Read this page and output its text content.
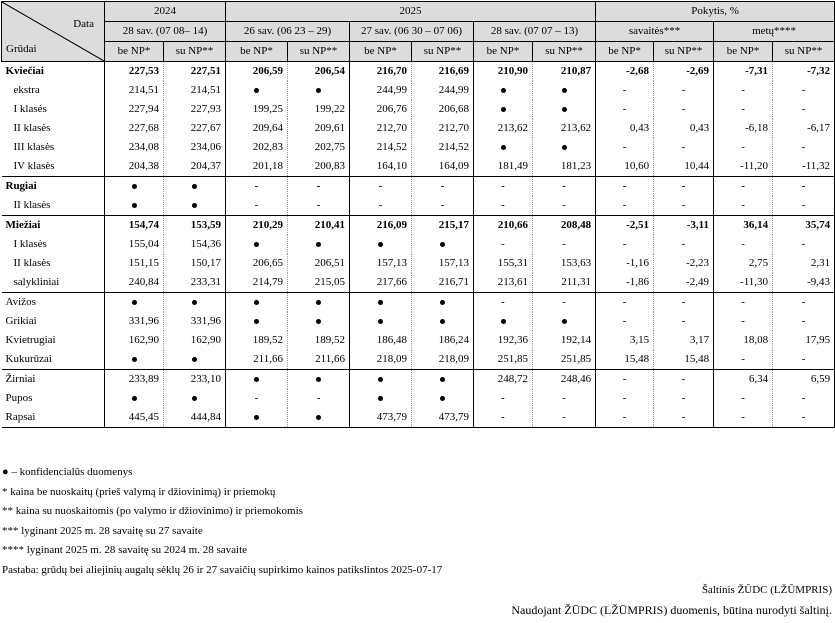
Data
Grūdai	2024		2025						Pokytis, %			
	28 sav. (07 08– 14)		26 sav. (06 23 – 29)		27 sav. (06 30 – 07 06)		28 sav. (07 07 – 13)		savaitės***		metų****	
	be NP*	su NP**	be NP*	su NP**	be NP*	su NP**	be NP*	su NP**	be NP*	su NP**	be NP*	su NP**
Kviečiai	227,53	227,51	206,59	206,54	216,70	216,69	210,90	210,87	-2,68	-2,69	-7,31	-7,32
ekstra	214,51	214,51			244,99	244,99			-	-	-	-
I klasės	227,94	227,93	199,25	199,22	206,76	206,68			-	-	-	-
II klasės	227,68	227,67	209,64	209,61	212,70	212,70	213,62	213,62	0,43	0,43	-6,18	-6,17
III klasės	234,08	234,06	202,83	202,75	214,52	214,52			-	-	-	-
IV klasės	204,38	204,37	201,18	200,83	164,10	164,09	181,49	181,23	10,60	10,44	-11,20	-11,32
Rugiai			-	-	-	-	-	-	-	-	-	-
II klasės			-	-	-	-	-	-	-	-	-	-
Miežiai	154,74	153,59	210,29	210,41	216,09	215,17	210,66	208,48	-2,51	-3,11	36,14	35,74
I klasės	155,04	154,36					-	-	-	-	-	-
II klasės	151,15	150,17	206,65	206,51	157,13	157,13	155,31	153,63	-1,16	-2,23	2,75	2,31
salykliniai	240,84	233,31	214,79	215,05	217,66	216,71	213,61	211,31	-1,86	-2,49	-11,30	-9,43
Avižos							-	-	-	-	-	-
Grikiai	331,96	331,96							-	-	-	-
Kvietrugiai	162,90	162,90	189,52	189,52	186,48	186,24	192,36	192,14	3,15	3,17	18,08	17,95
Kukurūzai			211,66	211,66	218,09	218,09	251,85	251,85	15,48	15,48	-	-
Žirniai	233,89	233,10					248,72	248,46	-	-	6,34	6,59
Pupos			-	-			-	-	-	-	-	-
Rapsai	445,45	444,84			473,79	473,79	-	-	-	-	-	-
● – konfidencialūs duomenys
* kaina be nuoskaitų (prieš valymą ir džiovinimą) ir priemokų
** kaina su nuoskaitomis (po valymo ir džiovinimo) ir priemokomis
*** lyginant 2025 m. 28 savaitę su 27 savaite
**** lyginant 2025 m. 28 savaitę su 2024 m. 28 savaite
Pastaba: grūdų bei aliejinių augalų sėklų 26 ir 27 savaičių supirkimo kainos patikslintos 2025-07-17
Šaltinis ŽŪDC (LŽŪMPRIS)
Naudojant ŽŪDC (LŽŪMPRIS) duomenis, būtina nurodyti šaltinį.
